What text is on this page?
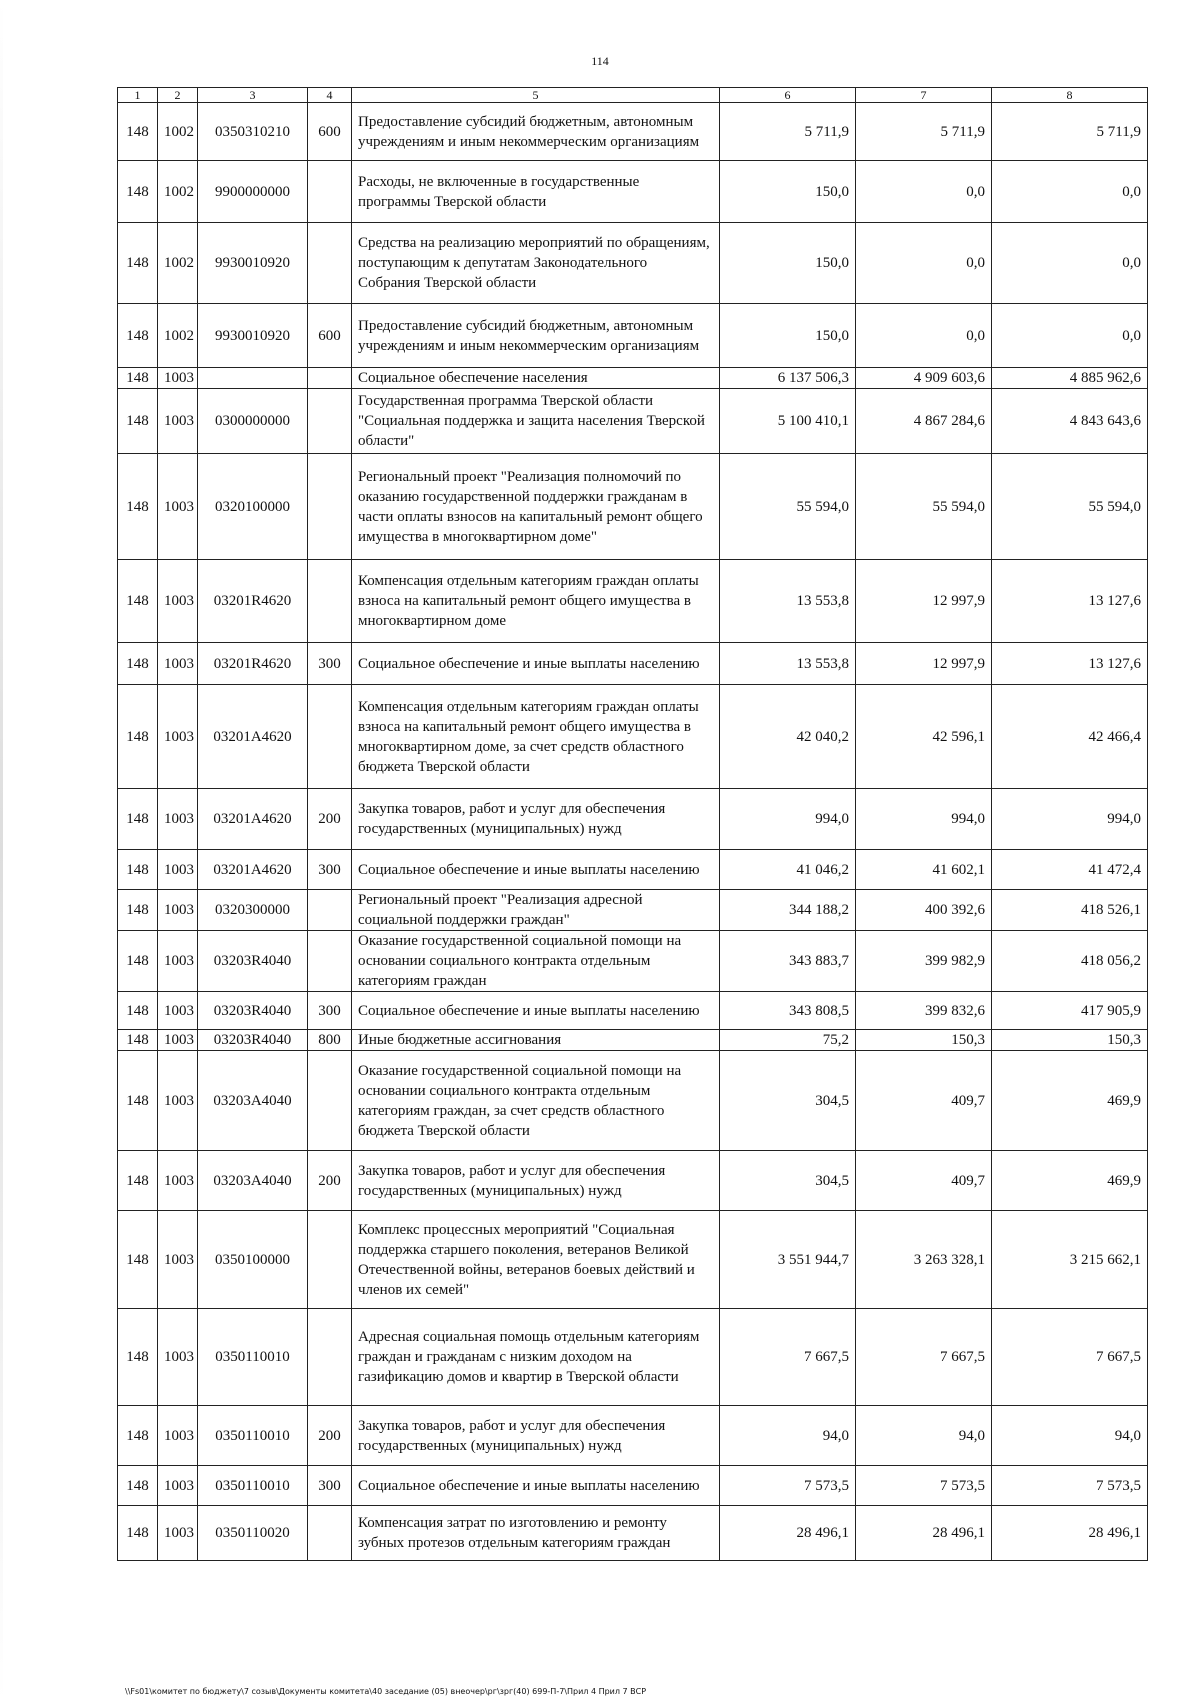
114
1	2	3	4	5	6	7	8
148	1002	0350310210	600	Предоставление субсидий бюджетным, автономным учреждениям и иным некоммерческим организациям	5 711,9	5 711,9	5 711,9
148	1002	9900000000		Расходы, не включенные в государственные программы Тверской области	150,0	0,0	0,0
148	1002	9930010920		Средства на реализацию мероприятий по обращениям, поступающим к депутатам Законодательного Собрания Тверской области	150,0	0,0	0,0
148	1002	9930010920	600	Предоставление субсидий бюджетным, автономным учреждениям и иным некоммерческим организациям	150,0	0,0	0,0
148	1003			Социальное обеспечение населения	6 137 506,3	4 909 603,6	4 885 962,6
148	1003	0300000000		Государственная программа Тверской области "Социальная поддержка и защита населения Тверской области"	5 100 410,1	4 867 284,6	4 843 643,6
148	1003	0320100000		Региональный проект "Реализация полномочий по оказанию государственной поддержки гражданам в части оплаты взносов на капитальный ремонт общего имущества в многоквартирном доме"	55 594,0	55 594,0	55 594,0
148	1003	03201R4620		Компенсация отдельным категориям граждан оплаты взноса на капитальный ремонт общего имущества в многоквартирном доме	13 553,8	12 997,9	13 127,6
148	1003	03201R4620	300	Социальное обеспечение и иные выплаты населению	13 553,8	12 997,9	13 127,6
148	1003	03201A4620		Компенсация отдельным категориям граждан оплаты взноса на капитальный ремонт общего имущества в многоквартирном доме, за счет средств областного бюджета Тверской области	42 040,2	42 596,1	42 466,4
148	1003	03201A4620	200	Закупка товаров, работ и услуг для обеспечения государственных (муниципальных) нужд	994,0	994,0	994,0
148	1003	03201A4620	300	Социальное обеспечение и иные выплаты населению	41 046,2	41 602,1	41 472,4
148	1003	0320300000		Региональный проект "Реализация адресной социальной поддержки граждан"	344 188,2	400 392,6	418 526,1
148	1003	03203R4040		Оказание государственной социальной помощи на основании социального контракта отдельным категориям граждан	343 883,7	399 982,9	418 056,2
148	1003	03203R4040	300	Социальное обеспечение и иные выплаты населению	343 808,5	399 832,6	417 905,9
148	1003	03203R4040	800	Иные бюджетные ассигнования	75,2	150,3	150,3
148	1003	03203A4040		Оказание государственной социальной помощи на основании социального контракта отдельным категориям граждан, за счет средств областного бюджета Тверской области	304,5	409,7	469,9
148	1003	03203A4040	200	Закупка товаров, работ и услуг для обеспечения государственных (муниципальных) нужд	304,5	409,7	469,9
148	1003	0350100000		Комплекс процессных мероприятий "Социальная поддержка старшего поколения, ветеранов Великой Отечественной войны, ветеранов боевых действий и членов их семей"	3 551 944,7	3 263 328,1	3 215 662,1
148	1003	0350110010		Адресная социальная помощь отдельным категориям граждан и гражданам с низким доходом на газификацию домов и квартир в Тверской области	7 667,5	7 667,5	7 667,5
148	1003	0350110010	200	Закупка товаров, работ и услуг для обеспечения государственных (муниципальных) нужд	94,0	94,0	94,0
148	1003	0350110010	300	Социальное обеспечение и иные выплаты населению	7 573,5	7 573,5	7 573,5
148	1003	0350110020		Компенсация затрат по изготовлению и ремонту зубных протезов отдельным категориям граждан	28 496,1	28 496,1	28 496,1
\\Fs01\комитет по бюджету\7 созыв\Документы комитета\40 заседание (05) внеочер\рг\зрг(40) 699-П-7\Прил 4 Прил 7 ВСР
